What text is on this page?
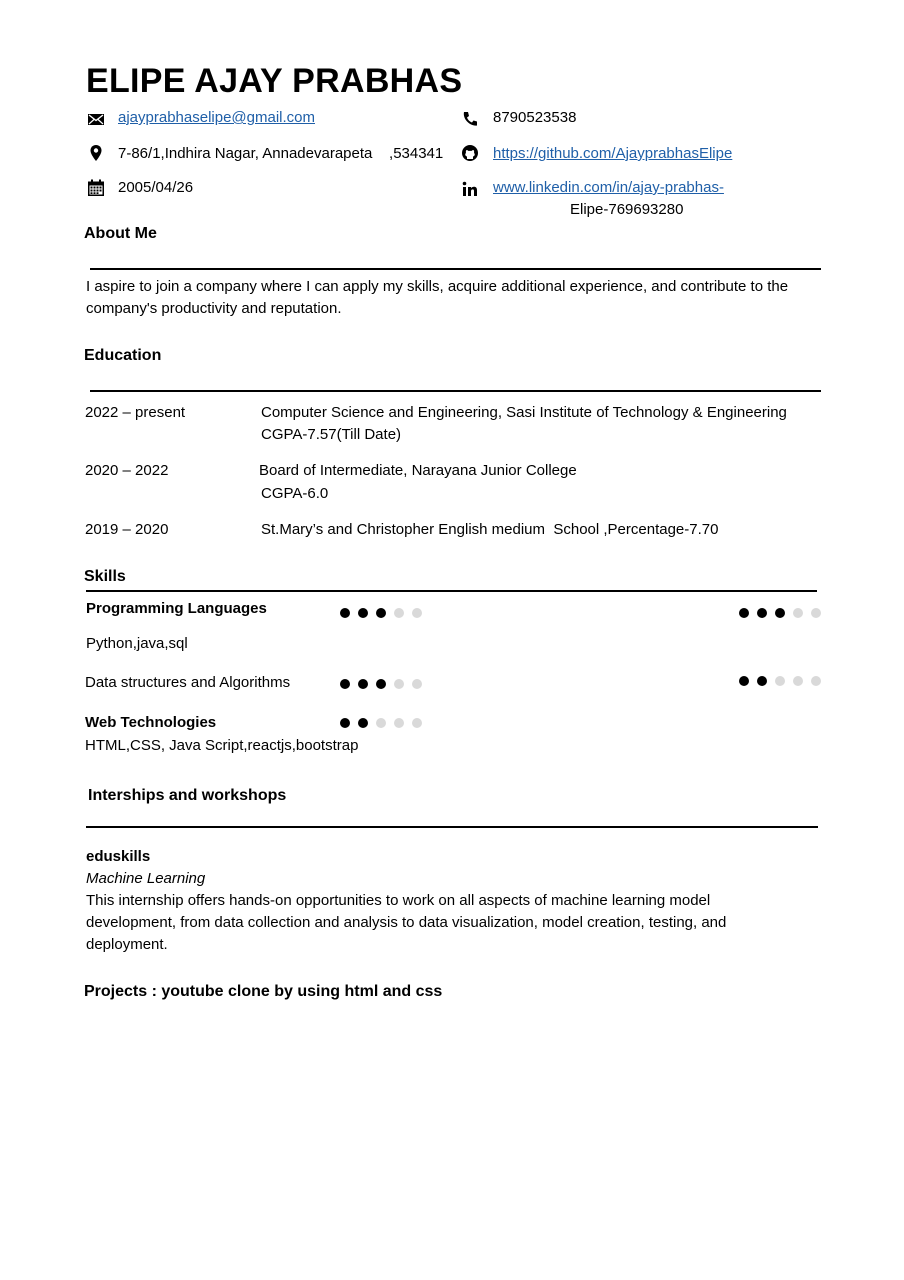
ELIPE AJAY PRABHAS
ajayprabhaselipe@gmail.com	8790523538
7-86/1,Indhira Nagar, Annadevarapeta    ,534341	https://github.com/AjayprabhasElipe
2005/04/26	www.linkedin.com/in/ajay-prabhas-
Elipe-769693280
About Me
I aspire to join a company where I can apply my skills, acquire additional experience, and contribute to the company's productivity and reputation.
Education
2022 – present	Computer Science and Engineering, Sasi Institute of Technology & Engineering
CGPA-7.57(Till Date)
2020 – 2022	Board of Intermediate, Narayana Junior College
CGPA-6.0
2019 – 2020	St.Mary’s and Christopher English medium  School ,Percentage-7.70
Skills
Programming Languages
Python,java,sql
Data structures and Algorithms
Web Technologies
HTML,CSS, Java Script,reactjs,bootstrap
Interships and workshops
eduskills
Machine Learning
This internship offers hands-on opportunities to work on all aspects of machine learning model development, from data collection and analysis to data visualization, model creation, testing, and deployment.
Projects : youtube clone by using html and css
